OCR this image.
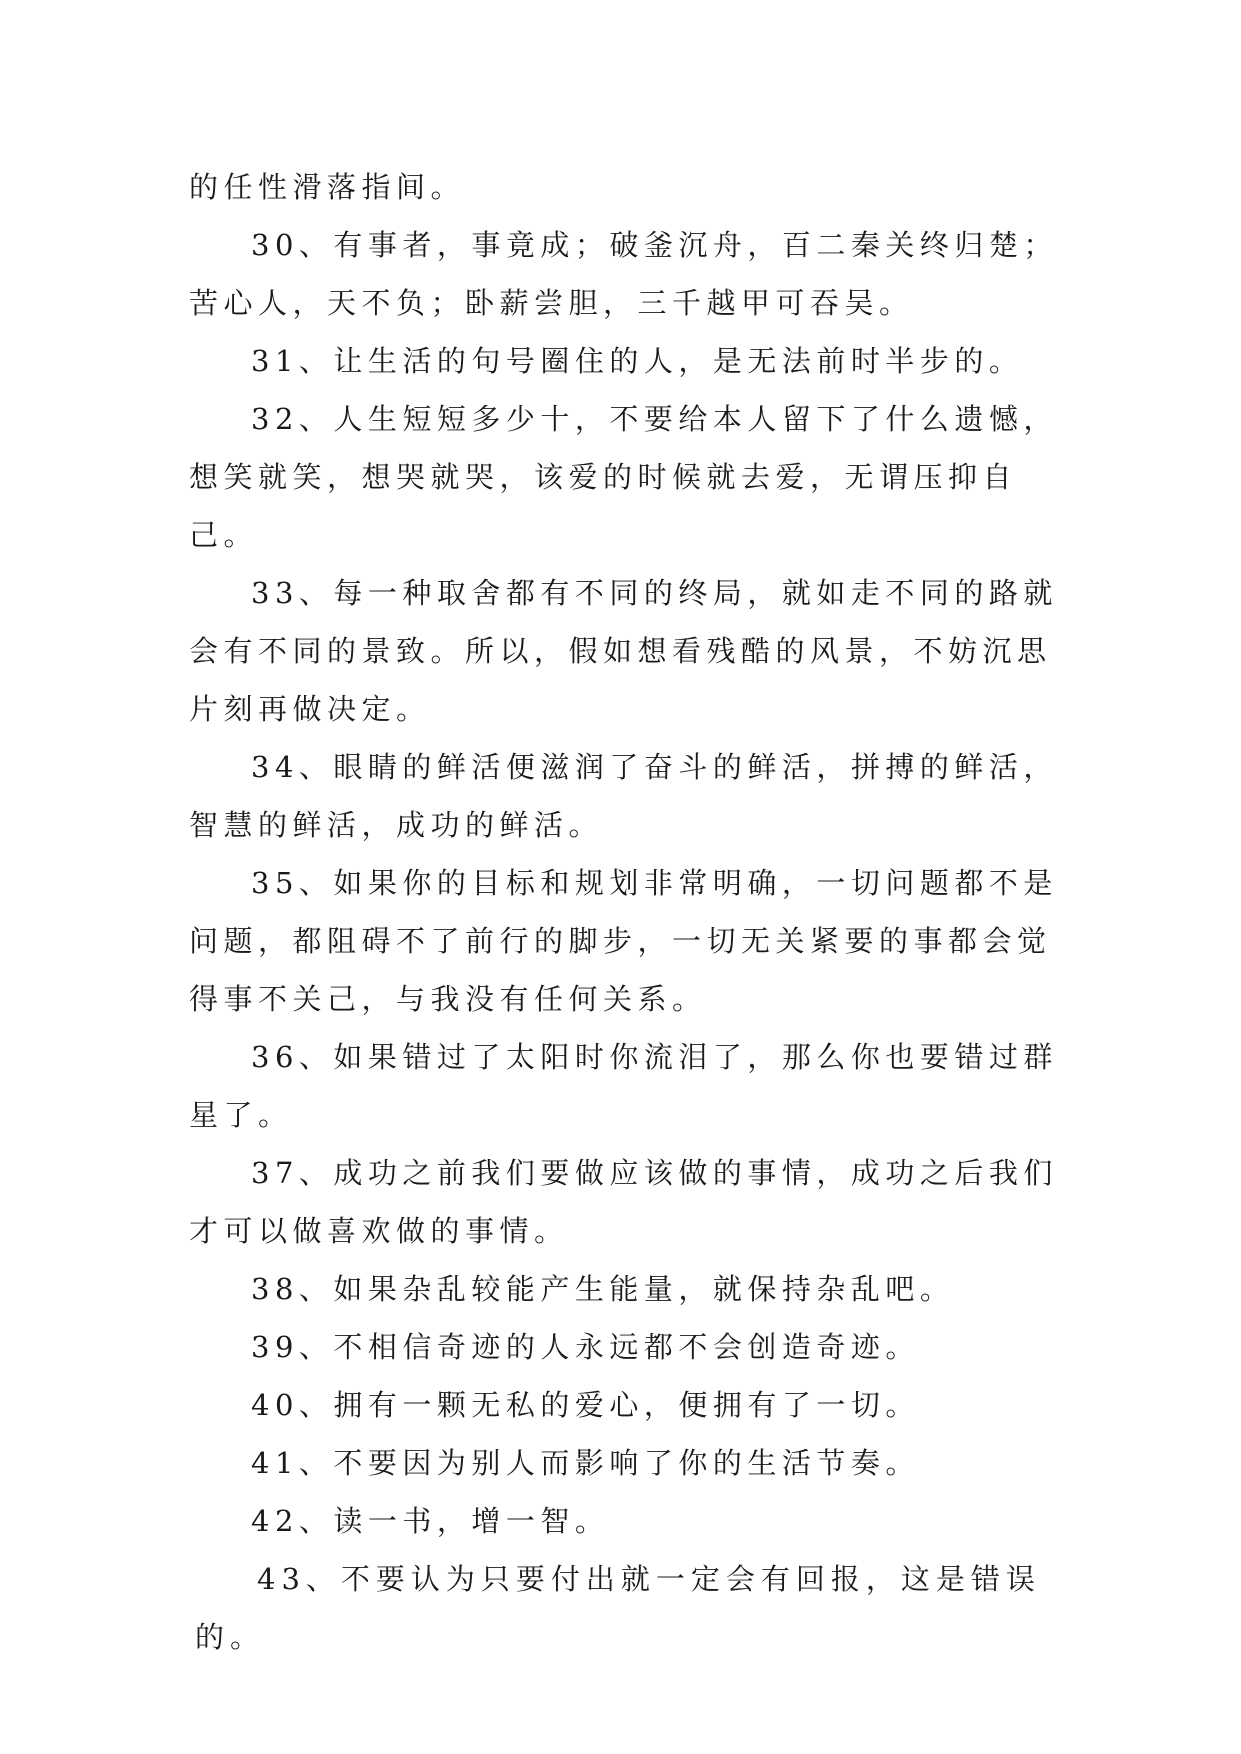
的任性滑落指间。

30、有事者，事竟成；破釜沉舟，百二秦关终归楚；苦心人，天不负；卧薪尝胆，三千越甲可吞吴。

31、让生活的句号圈住的人，是无法前时半步的。

32、人生短短多少十，不要给本人留下了什么遗憾，想笑就笑，想哭就哭，该爱的时候就去爱，无谓压抑自己。

33、每一种取舍都有不同的终局，就如走不同的路就会有不同的景致。所以，假如想看残酷的风景，不妨沉思片刻再做决定。

34、眼睛的鲜活便滋润了奋斗的鲜活，拼搏的鲜活，智慧的鲜活，成功的鲜活。

35、如果你的目标和规划非常明确，一切问题都不是问题，都阻碍不了前行的脚步，一切无关紧要的事都会觉得事不关己，与我没有任何关系。

36、如果错过了太阳时你流泪了，那么你也要错过群星了。

37、成功之前我们要做应该做的事情，成功之后我们才可以做喜欢做的事情。

38、如果杂乱较能产生能量，就保持杂乱吧。

39、不相信奇迹的人永远都不会创造奇迹。

40、拥有一颗无私的爱心，便拥有了一切。

41、不要因为别人而影响了你的生活节奏。

42、读一书，增一智。

43、不要认为只要付出就一定会有回报，这是错误的。
